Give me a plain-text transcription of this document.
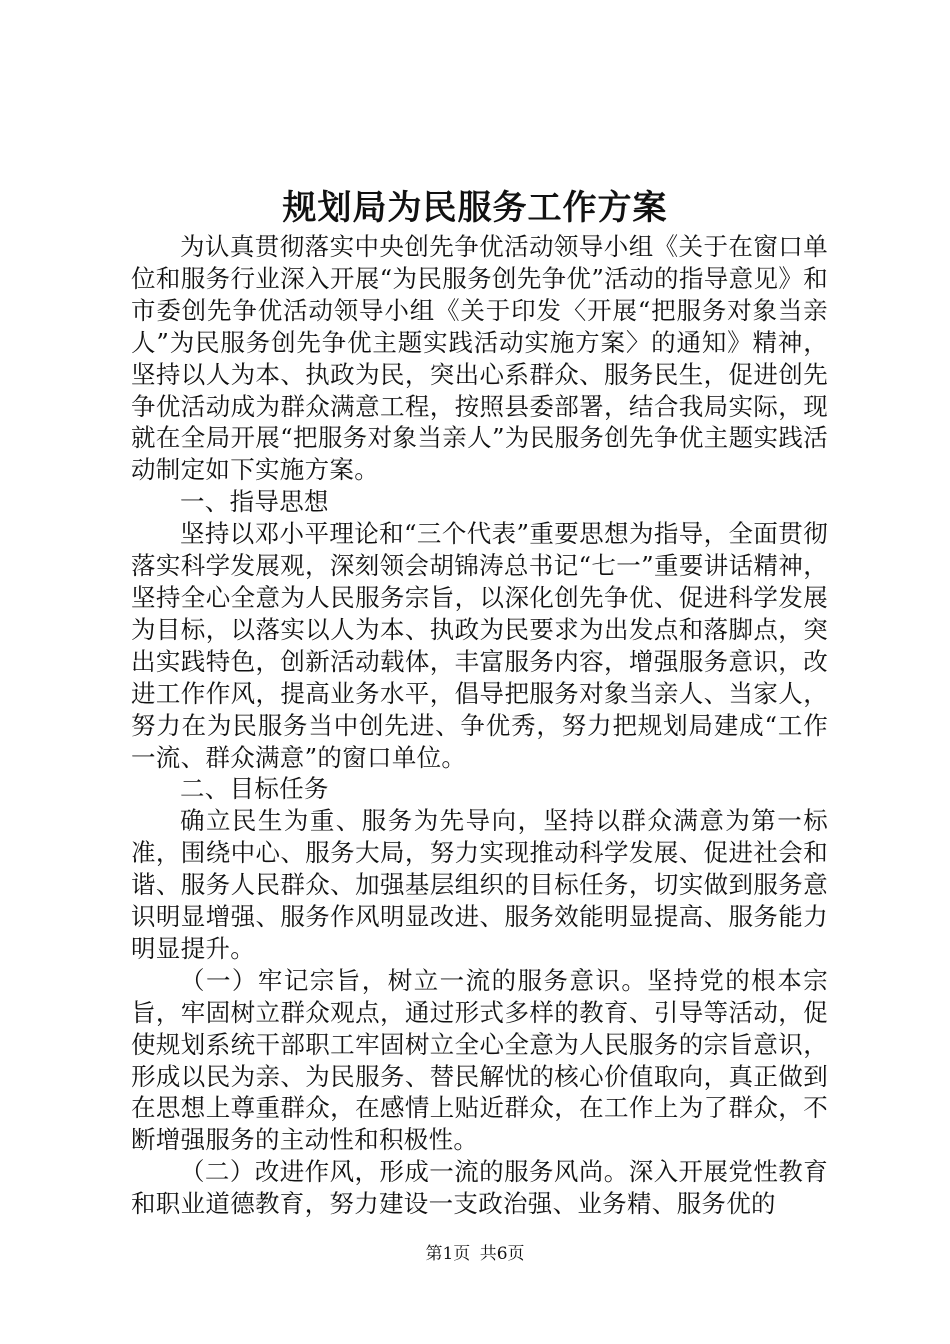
规划局为民服务工作方案

为认真贯彻落实中央创先争优活动领导小组《关于在窗口单位和服务行业深入开展“为民服务创先争优”活动的指导意见》和市委创先争优活动领导小组《关于印发〈开展“把服务对象当亲人”为民服务创先争优主题实践活动实施方案〉的通知》精神，坚持以人为本、执政为民，突出心系群众、服务民生，促进创先争优活动成为群众满意工程，按照县委部署，结合我局实际，现就在全局开展“把服务对象当亲人”为民服务创先争优主题实践活动制定如下实施方案。

一、指导思想

坚持以邓小平理论和“三个代表”重要思想为指导，全面贯彻落实科学发展观，深刻领会胡锦涛总书记“七一”重要讲话精神，坚持全心全意为人民服务宗旨，以深化创先争优、促进科学发展为目标，以落实以人为本、执政为民要求为出发点和落脚点，突出实践特色，创新活动载体，丰富服务内容，增强服务意识，改进工作作风，提高业务水平，倡导把服务对象当亲人、当家人，努力在为民服务当中创先进、争优秀，努力把规划局建成“工作一流、群众满意”的窗口单位。

二、目标任务

确立民生为重、服务为先导向，坚持以群众满意为第一标准，围绕中心、服务大局，努力实现推动科学发展、促进社会和谐、服务人民群众、加强基层组织的目标任务，切实做到服务意识明显增强、服务作风明显改进、服务效能明显提高、服务能力明显提升。

（一）牢记宗旨，树立一流的服务意识。坚持党的根本宗旨，牢固树立群众观点，通过形式多样的教育、引导等活动，促使规划系统干部职工牢固树立全心全意为人民服务的宗旨意识，形成以民为亲、为民服务、替民解忧的核心价值取向，真正做到在思想上尊重群众，在感情上贴近群众，在工作上为了群众，不断增强服务的主动性和积极性。

（二）改进作风，形成一流的服务风尚。深入开展党性教育和职业道德教育，努力建设一支政治强、业务精、服务优的

第1页 共6页
